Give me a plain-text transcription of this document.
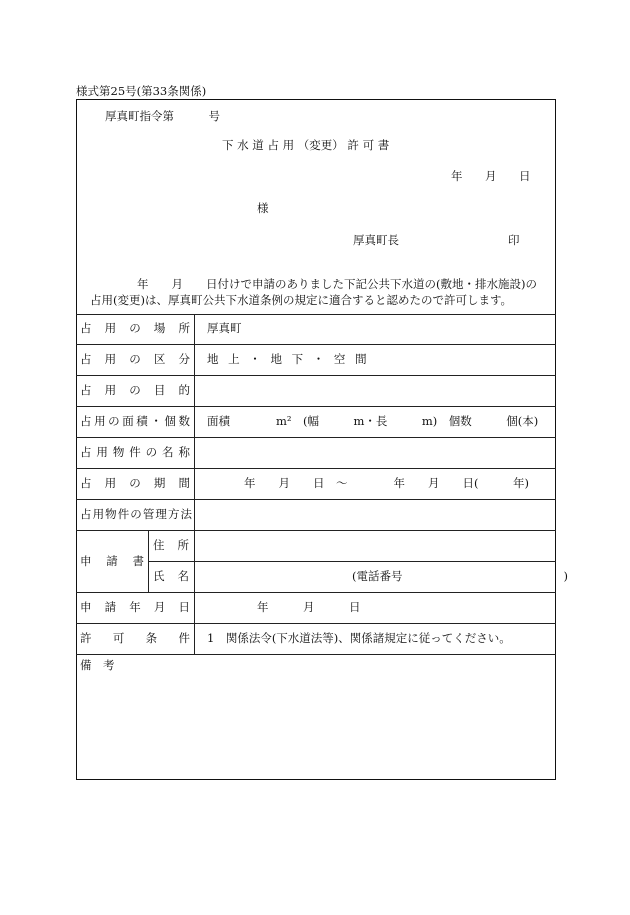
様式第25号(第33条関係)
厚真町指令第　　　号
下 水 道 占 用 （変更） 許 可 書
年 月 日
様
厚真町長	印
年　　月　　日付けで申請のありました下記公共下水道の(敷地・排水施設)の
占用(変更)は、厚真町公共下水道条例の規定に適合すると認めたので許可します。
占 用 の 場 所
占 用 の 区 分
占 用 の 目 的
占 用 の 面 積 ・ 個 数
占 用 物 件 の 名 称
占 用 の 期 間
占 用 物 件 の 管 理 方 法
申 請 書
住 所
氏 名
申 請 年 月 日
許 可 条 件
備　考
厚真町
地 上 ・ 地 下 ・ 空 間
面積　　　　m²　(幅　　　m・長　　　m)　個数　　　個(本)
年　　月　　日　〜　　　　年　　月　　日(　　　年)
(電話番号　　　　　　　　　　　　　　)
年　　　月　　　日
1　関係法令(下水道法等)、関係諸規定に従ってください。
